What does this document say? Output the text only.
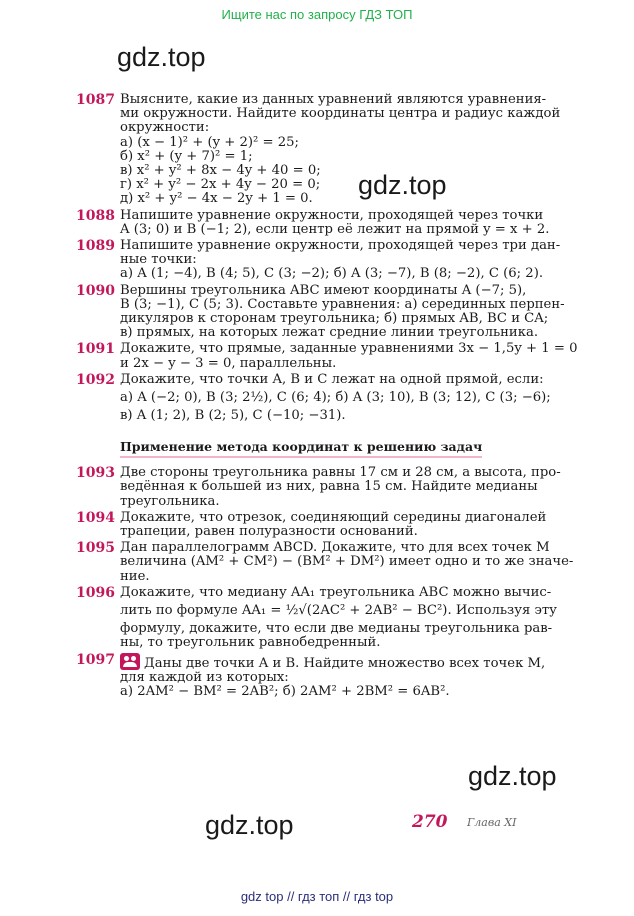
Ищите нас по запросу ГДЗ ТОП
gdz.top
gdz.top
gdz.top
gdz.top
1087 Выясните, какие из данных уравнений являются уравнения-
ми окружности. Найдите координаты центра и радиус каждой
окружности:
а) (x − 1)² + (y + 2)² = 25;
б) x² + (y + 7)² = 1;
в) x² + y² + 8x − 4y + 40 = 0;
г) x² + y² − 2x + 4y − 20 = 0;
д) x² + y² − 4x − 2y + 1 = 0.
1088 Напишите уравнение окружности, проходящей через точки
A (3; 0) и B (−1; 2), если центр её лежит на прямой y = x + 2.
1089 Напишите уравнение окружности, проходящей через три дан-
ные точки:
а) A (1; −4), B (4; 5), C (3; −2); б) A (3; −7), B (8; −2), C (6; 2).
1090 Вершины треугольника ABC имеют координаты A (−7; 5),
B (3; −1), C (5; 3). Составьте уравнения: а) серединных перпен-
дикуляров к сторонам треугольника; б) прямых AB, BC и CA;
в) прямых, на которых лежат средние линии треугольника.
1091 Докажите, что прямые, заданные уравнениями 3x − 1,5y + 1 = 0
и 2x − y − 3 = 0, параллельны.
1092 Докажите, что точки A, B и C лежат на одной прямой, если:
а) A (−2; 0), B (3; 2½), C (6; 4); б) A (3; 10), B (3; 12), C (3; −6);
в) A (1; 2), B (2; 5), C (−10; −31).
Применение метода координат к решению задач
1093 Две стороны треугольника равны 17 см и 28 см, а высота, про-
ведённая к большей из них, равна 15 см. Найдите медианы
треугольника.
1094 Докажите, что отрезок, соединяющий середины диагоналей
трапеции, равен полуразности оснований.
1095 Дан параллелограмм ABCD. Докажите, что для всех точек M
величина (AM² + CM²) − (BM² + DM²) имеет одно и то же значе-
ние.
1096 Докажите, что медиану AA₁ треугольника ABC можно вычис-
лить по формуле AA₁ = ½√(2AC² + 2AB² − BC²). Используя эту
формулу, докажите, что если две медианы треугольника рав-
ны, то треугольник равнобедренный.
1097	Даны две точки A и B. Найдите множество всех точек M,
для каждой из которых:
а) 2AM² − BM² = 2AB²; б) 2AM² + 2BM² = 6AB².
270 Глава XI
gdz top // гдз топ // гдз top
